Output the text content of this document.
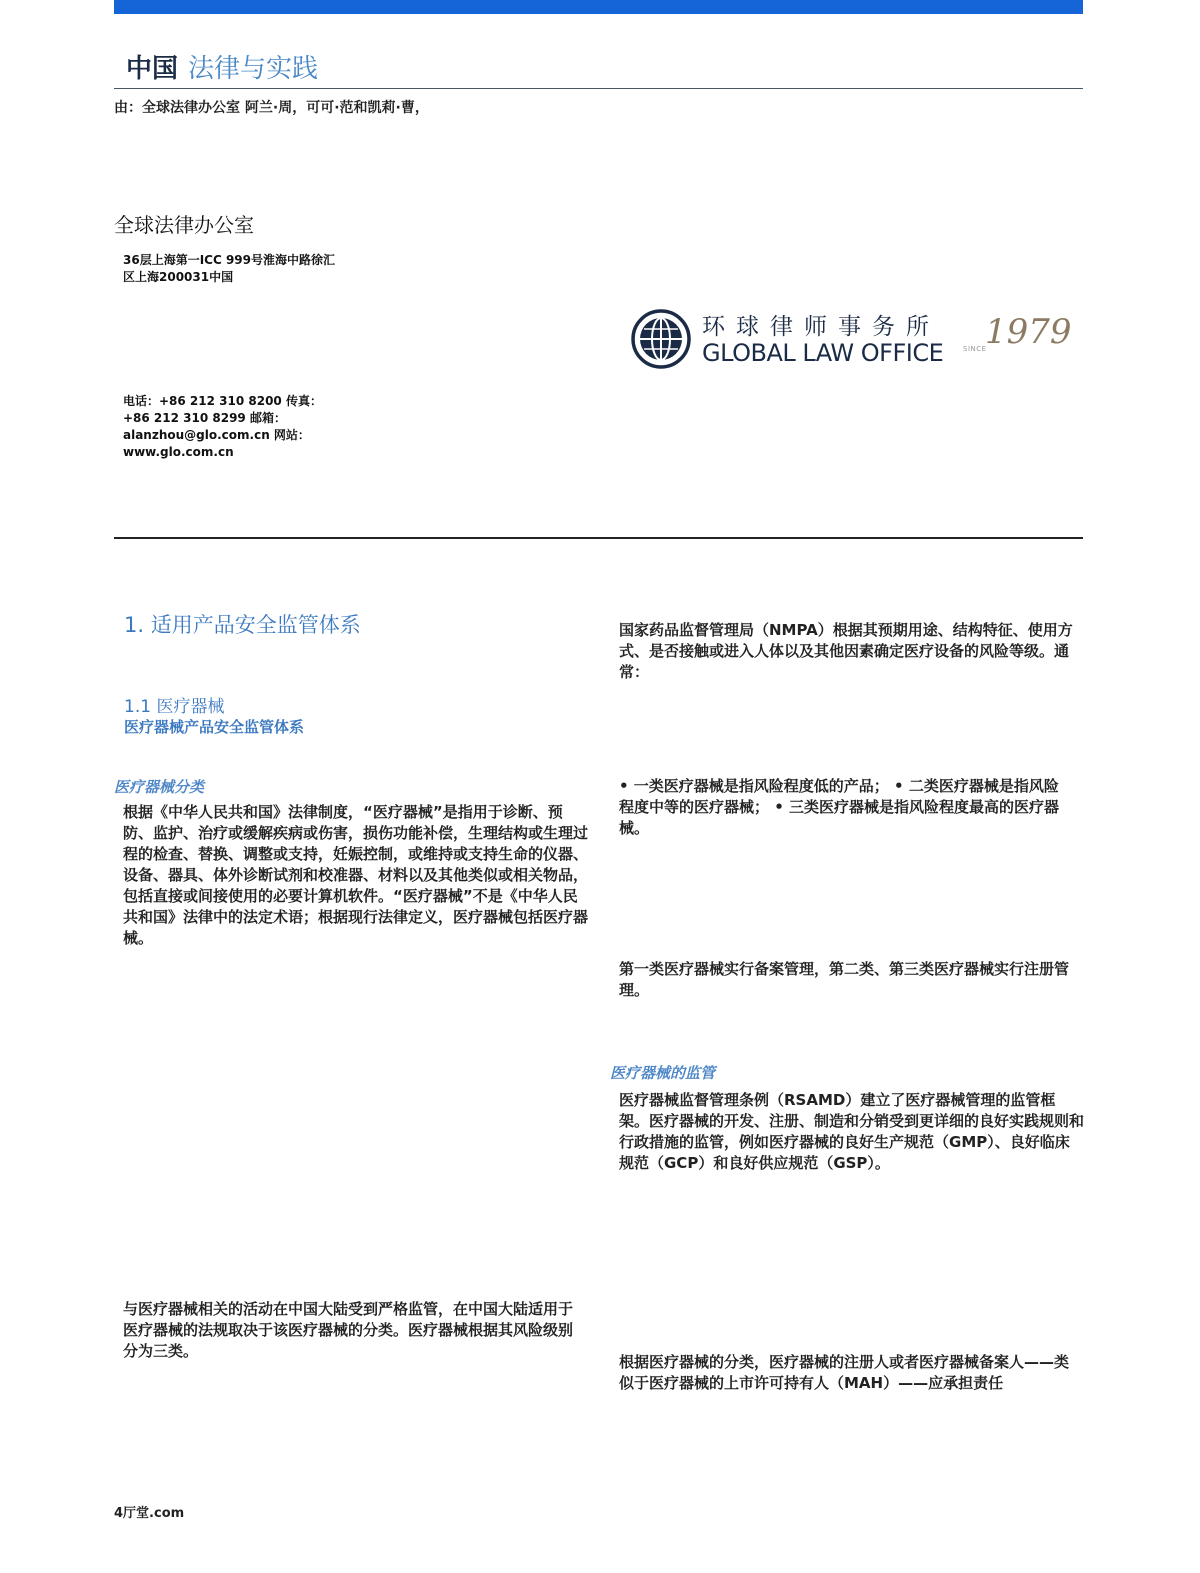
中国 法律与实践
由：全球法律办公室 阿兰·周，可可·范和凯莉·曹，
全球法律办公室
36层上海第一ICC 999号淮海中路徐汇区上海200031中国
电话：+86 212 310 8200 传真：+86 212 310 8299 邮箱：alanzhou@glo.com.cn 网站：www.glo.com.cn
环球律师事务所
GLOBAL LAW OFFICE	SINCE
1979
1. 适用产品安全监管体系
1.1 医疗器械
医疗器械产品安全监管体系
医疗器械分类
根据《中华人民共和国》法律制度，“医疗器械”是指用于诊断、预防、监护、治疗或缓解疾病或伤害，损伤功能补偿，生理结构或生理过程的检查、替换、调整或支持，妊娠控制，或维持或支持生命的仪器、设备、器具、体外诊断试剂和校准器、材料以及其他类似或相关物品，包括直接或间接使用的必要计算机软件。“医疗器械”不是《中华人民共和国》法律中的法定术语；根据现行法律定义，医疗器械包括医疗器械。
与医疗器械相关的活动在中国大陆受到严格监管，在中国大陆适用于医疗器械的法规取决于该医疗器械的分类。医疗器械根据其风险级别分为三类。
国家药品监督管理局（NMPA）根据其预期用途、结构特征、使用方式、是否接触或进入人体以及其他因素确定医疗设备的风险等级。通常：
• 一类医疗器械是指风险程度低的产品； • 二类医疗器械是指风险程度中等的医疗器械； • 三类医疗器械是指风险程度最高的医疗器械。
第一类医疗器械实行备案管理，第二类、第三类医疗器械实行注册管理。
医疗器械的监管
医疗器械监督管理条例（RSAMD）建立了医疗器械管理的监管框架。医疗器械的开发、注册、制造和分销受到更详细的良好实践规则和行政措施的监管，例如医疗器械的良好生产规范（GMP）、良好临床规范（GCP）和良好供应规范（GSP）。
根据医疗器械的分类，医疗器械的注册人或者医疗器械备案人——类似于医疗器械的上市许可持有人（MAH）——应承担责任
4厅堂.com
